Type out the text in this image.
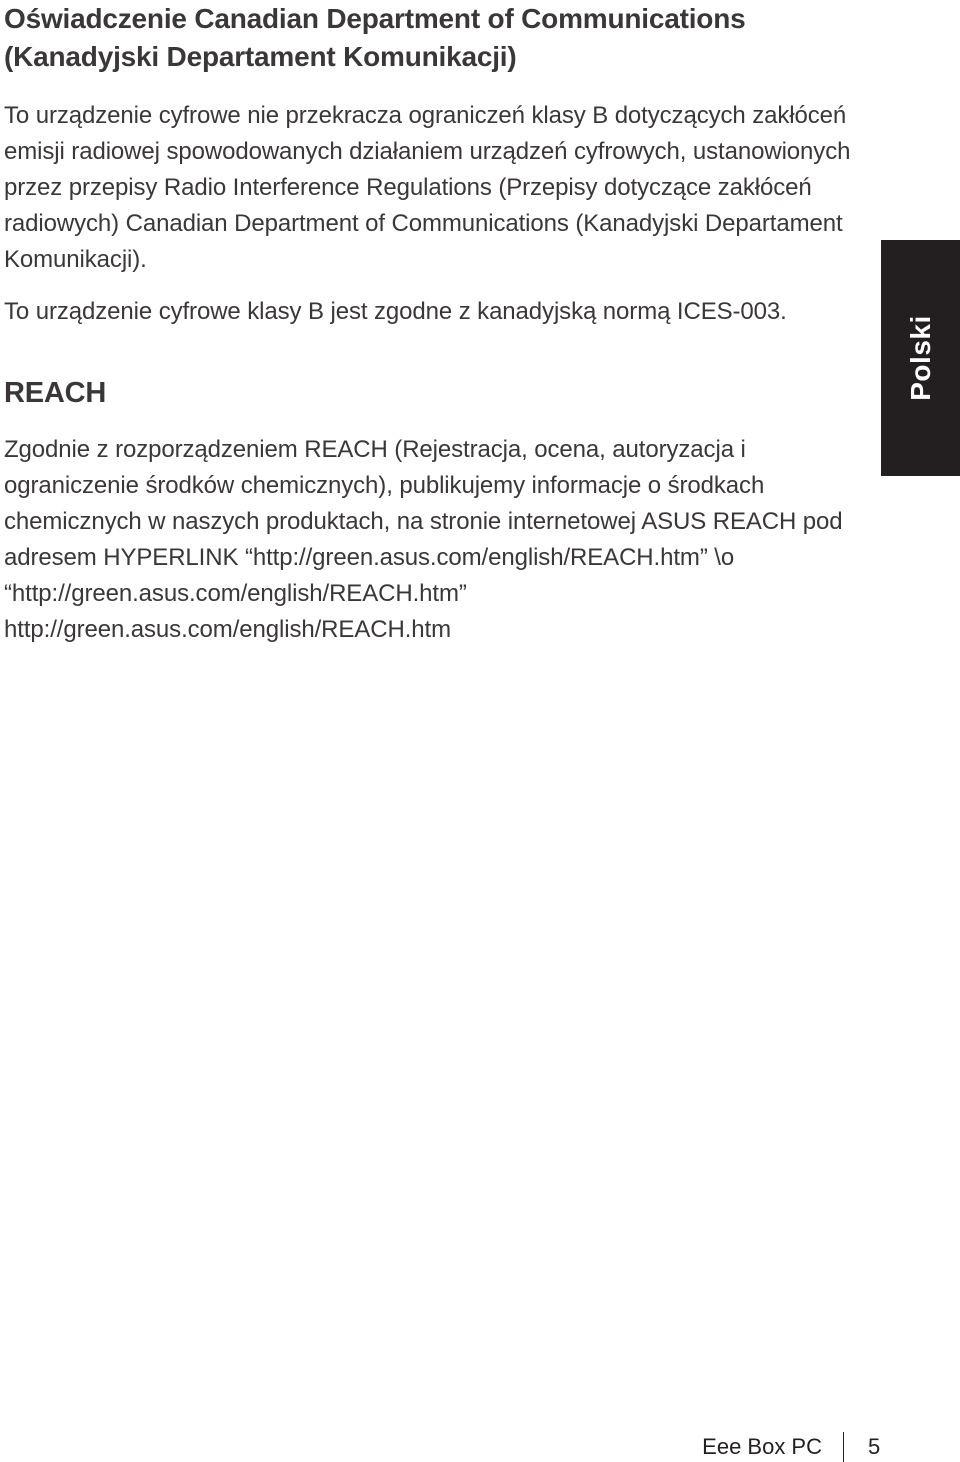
Oświadczenie Canadian Department of Communications (Kanadyjski Departament Komunikacji)

To urządzenie cyfrowe nie przekracza ograniczeń klasy B dotyczących zakłóceń emisji radiowej spowodowanych działaniem urządzeń cyfrowych, ustanowionych przez przepisy Radio Interference Regulations (Przepisy dotyczące zakłóceń radiowych) Canadian Department of Communications (Kanadyjski Departament Komunikacji).

To urządzenie cyfrowe klasy B jest zgodne z kanadyjską normą ICES-003.

REACH

Zgodnie z rozporządzeniem REACH (Rejestracja, ocena, autoryzacja i ograniczenie środków chemicznych), publikujemy informacje o środkach chemicznych w naszych produktach, na stronie internetowej ASUS REACH pod adresem HYPERLINK “http://green.asus.com/english/REACH.htm” \o “http://green.asus.com/english/REACH.htm” http://green.asus.com/english/REACH.htm

Polski
Eee Box PC 5
